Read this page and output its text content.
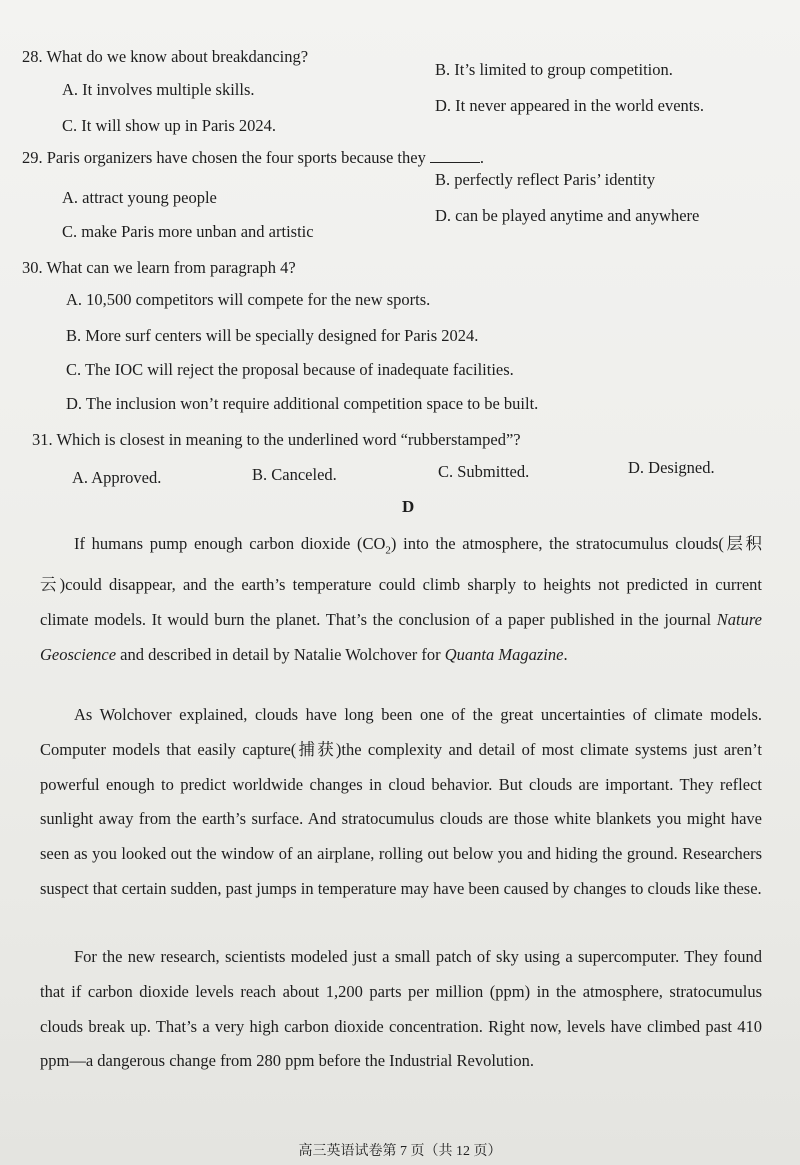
28. What do we know about breakdancing?
A. It involves multiple skills.
B. It’s limited to group competition.
C. It will show up in Paris 2024.
D. It never appeared in the world events.
29. Paris organizers have chosen the four sports because they	.
A. attract young people
B. perfectly reflect Paris’ identity
C. make Paris more unban and artistic
D. can be played anytime and anywhere
30. What can we learn from paragraph 4?
A. 10,500 competitors will compete for the new sports.
B. More surf centers will be specially designed for Paris 2024.
C. The IOC will reject the proposal because of inadequate facilities.
D. The inclusion won’t require additional competition space to be built.
31. Which is closest in meaning to the underlined word “rubberstamped”?
A. Approved.	B. Canceled.	C. Submitted.	D. Designed.
D

If humans pump enough carbon dioxide $(CO_2)$ into the atmosphere, the stratocumulus clouds(层积云)could disappear, and the earth’s temperature could climb sharply to heights not predicted in current climate models. It would burn the planet. That’s the conclusion of a paper published in the journal Nature Geoscience and described in detail by Natalie Wolchover for Quanta Magazine.

As Wolchover explained, clouds have long been one of the great uncertainties of climate models. Computer models that easily capture(捕获)the complexity and detail of most climate systems just aren’t powerful enough to predict worldwide changes in cloud behavior. But clouds are important. They reflect sunlight away from the earth’s surface. And stratocumulus clouds are those white blankets you might have seen as you looked out the window of an airplane, rolling out below you and hiding the ground. Researchers suspect that certain sudden, past jumps in temperature may have been caused by changes to clouds like these.

For the new research, scientists modeled just a small patch of sky using a supercomputer. They found that if carbon dioxide levels reach about 1,200 parts per million (ppm) in the atmosphere, stratocumulus clouds break up. That’s a very high carbon dioxide concentration. Right now, levels have climbed past 410 ppm—a dangerous change from 280 ppm before the Industrial Revolution.

高三英语试卷第 7 页（共 12 页）
